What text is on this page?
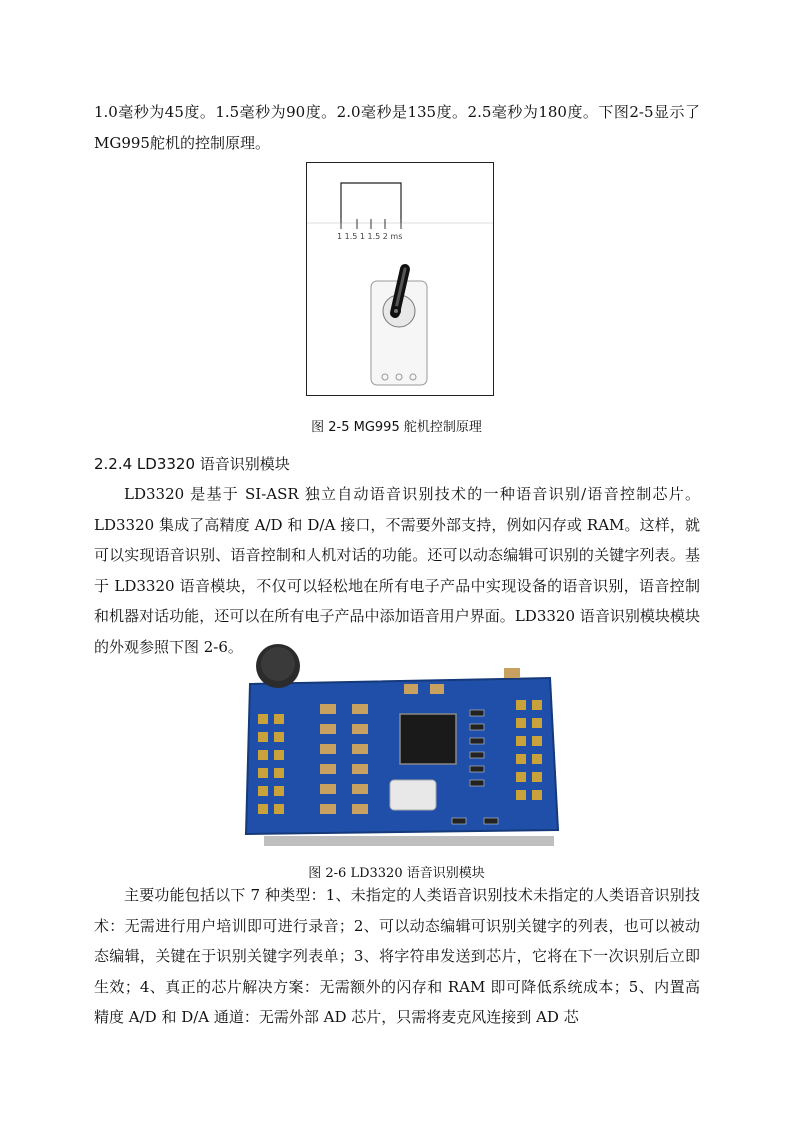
1.0毫秒为45度。1.5毫秒为90度。2.0毫秒是135度。2.5毫秒为180度。下图2-5显示了MG995舵机的控制原理。

1 1.5 1 1.5 2 ms

图 2-5 MG995 舵机控制原理

2.2.4 LD3320 语音识别模块

LD3320 是基于 SI-ASR 独立自动语音识别技术的一种语音识别/语音控制芯片。LD3320 集成了高精度 A/D 和 D/A 接口，不需要外部支持，例如闪存或 RAM。这样，就可以实现语音识别、语音控制和人机对话的功能。还可以动态编辑可识别的关键字列表。基于 LD3320 语音模块，不仅可以轻松地在所有电子产品中实现设备的语音识别，语音控制和机器对话功能，还可以在所有电子产品中添加语音用户界面。LD3320 语音识别模块模块的外观参照下图 2-6。

图 2-6 LD3320 语音识别模块

主要功能包括以下 7 种类型：1、未指定的人类语音识别技术未指定的人类语音识别技术：无需进行用户培训即可进行录音；2、可以动态编辑可识别关键字的列表，也可以被动态编辑，关键在于识别关键字列表单；3、将字符串发送到芯片，它将在下一次识别后立即生效；4、真正的芯片解决方案：无需额外的闪存和 RAM 即可降低系统成本；5、内置高精度 A/D 和 D/A 通道：无需外部 AD 芯片，只需将麦克风连接到 AD 芯
